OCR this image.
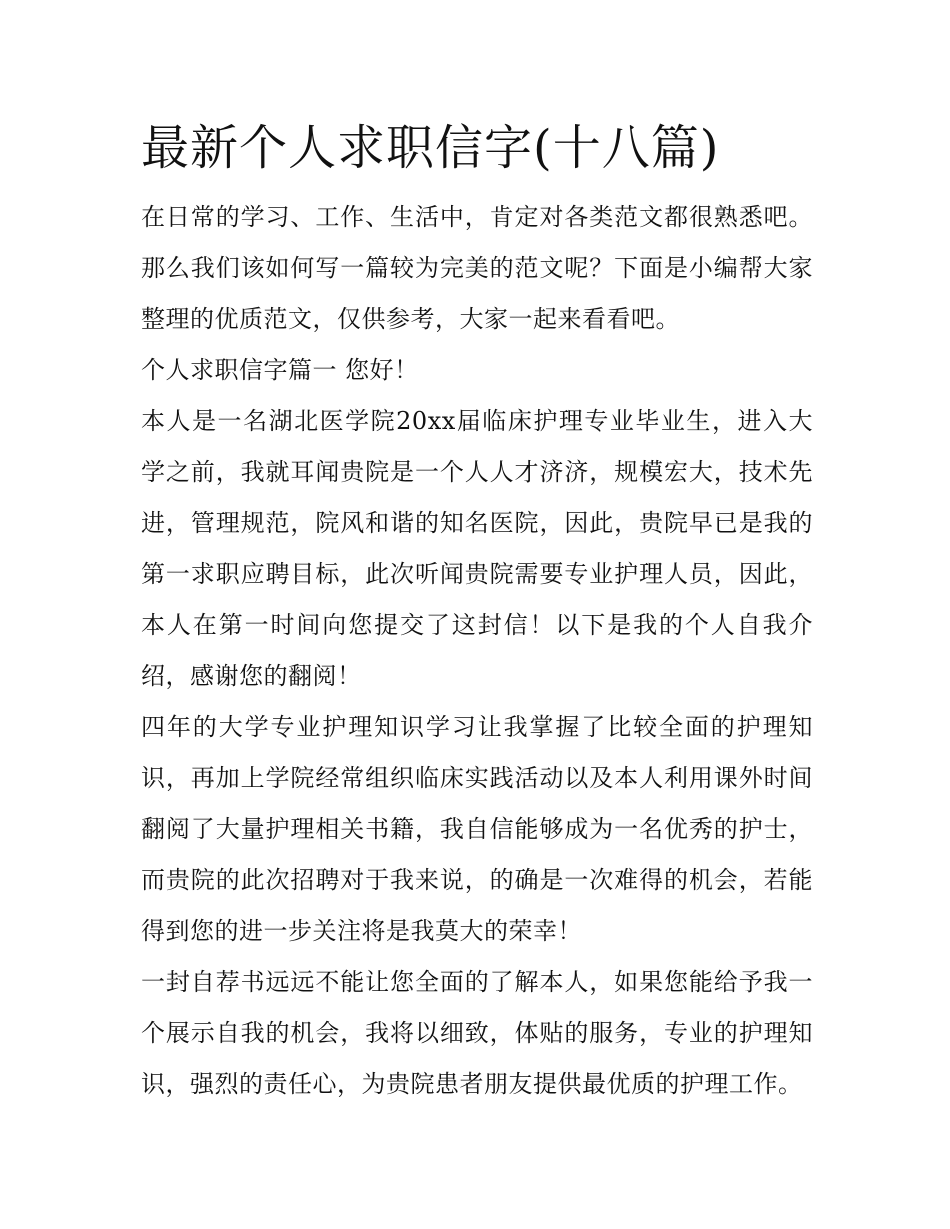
最新个人求职信字(十八篇)

在日常的学习、工作、生活中，肯定对各类范文都很熟悉吧。那么我们该如何写一篇较为完美的范文呢？下面是小编帮大家整理的优质范文，仅供参考，大家一起来看看吧。

个人求职信字篇一 您好！

本人是一名湖北医学院20xx届临床护理专业毕业生，进入大学之前，我就耳闻贵院是一个人人才济济，规模宏大，技术先进，管理规范，院风和谐的知名医院，因此，贵院早已是我的第一求职应聘目标，此次听闻贵院需要专业护理人员，因此，本人在第一时间向您提交了这封信！以下是我的个人自我介绍，感谢您的翻阅！

四年的大学专业护理知识学习让我掌握了比较全面的护理知识，再加上学院经常组织临床实践活动以及本人利用课外时间翻阅了大量护理相关书籍，我自信能够成为一名优秀的护士，而贵院的此次招聘对于我来说，的确是一次难得的机会，若能得到您的进一步关注将是我莫大的荣幸！

一封自荐书远远不能让您全面的了解本人，如果您能给予我一个展示自我的机会，我将以细致，体贴的服务，专业的护理知识，强烈的责任心，为贵院患者朋友提供最优质的护理工作。
